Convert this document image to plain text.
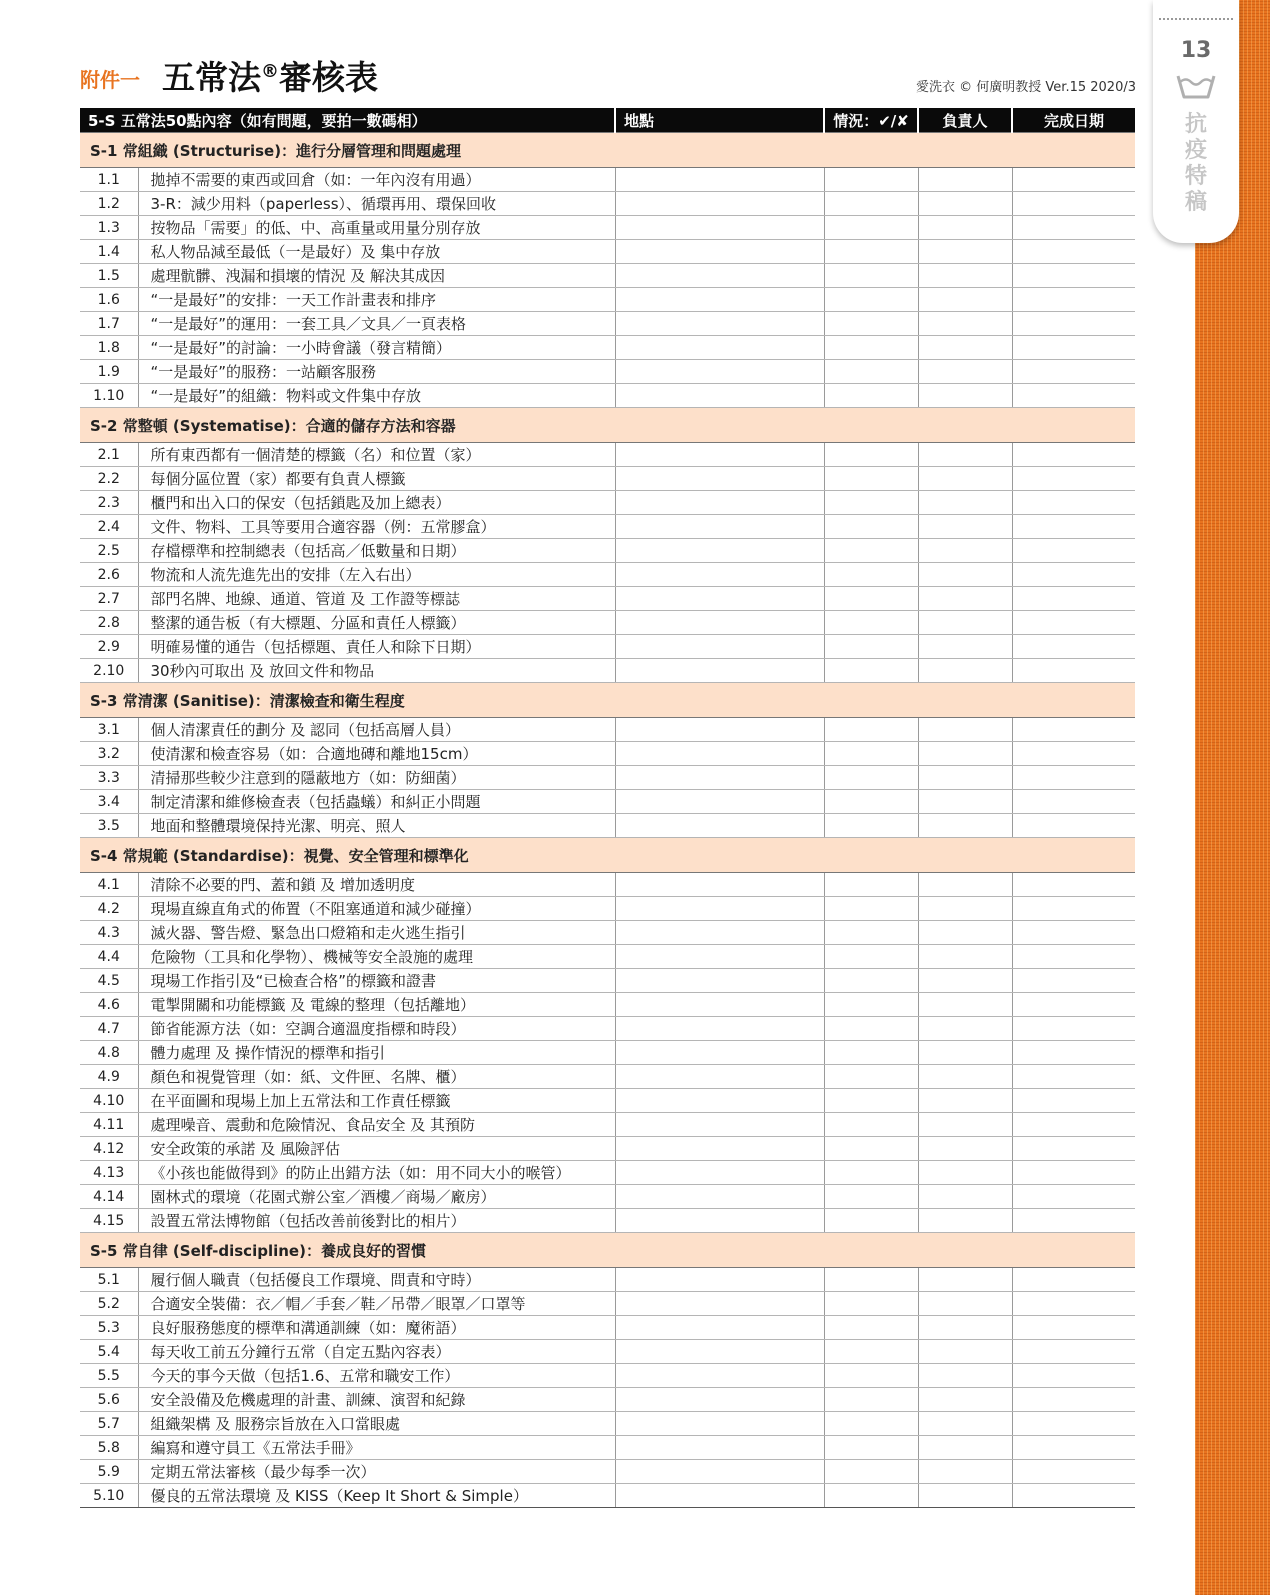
13
抗
疫
特
稿
附件一 五常法®審核表	愛洗衣 © 何廣明教授 Ver.15 2020/3
5-S 五常法50點內容（如有問題，要拍一數碼相）		地點	情況：✔/✘	負責人	完成日期
S-1 常組織 (Structurise)：進行分層管理和問題處理					
1.1	拋掉不需要的東西或回倉（如：一年內沒有用過）				
1.2	3-R：減少用料（paperless）、循環再用、環保回收				
1.3	按物品「需要」的低、中、高重量或用量分別存放				
1.4	私人物品減至最低（一是最好）及 集中存放				
1.5	處理骯髒、洩漏和損壞的情況 及 解決其成因				
1.6	“一是最好”的安排：一天工作計畫表和排序				
1.7	“一是最好”的運用：一套工具／文具／一頁表格				
1.8	“一是最好”的討論：一小時會議（發言精簡）				
1.9	“一是最好”的服務：一站顧客服務				
1.10	“一是最好”的組織：物料或文件集中存放				
S-2 常整頓 (Systematise)：合適的儲存方法和容器					
2.1	所有東西都有一個清楚的標籤（名）和位置（家）				
2.2	每個分區位置（家）都要有負責人標籤				
2.3	櫃門和出入口的保安（包括鎖匙及加上總表）				
2.4	文件、物料、工具等要用合適容器（例：五常膠盒）				
2.5	存檔標準和控制總表（包括高／低數量和日期）				
2.6	物流和人流先進先出的安排（左入右出）				
2.7	部門名牌、地線、通道、管道 及 工作證等標誌				
2.8	整潔的通告板（有大標題、分區和責任人標籤）				
2.9	明確易懂的通告（包括標題、責任人和除下日期）				
2.10	30秒內可取出 及 放回文件和物品				
S-3 常清潔 (Sanitise)：清潔檢查和衛生程度					
3.1	個人清潔責任的劃分 及 認同（包括高層人員）				
3.2	使清潔和檢查容易（如：合適地磚和離地15cm）				
3.3	清掃那些較少注意到的隱蔽地方（如：防細菌）				
3.4	制定清潔和維修檢查表（包括蟲蟻）和糾正小問題				
3.5	地面和整體環境保持光潔、明亮、照人				
S-4 常規範 (Standardise)：視覺、安全管理和標準化					
4.1	清除不必要的門、蓋和鎖 及 增加透明度				
4.2	現場直線直角式的佈置（不阻塞通道和減少碰撞）				
4.3	滅火器、警告燈、緊急出口燈箱和走火逃生指引				
4.4	危險物（工具和化學物）、機械等安全設施的處理				
4.5	現場工作指引及“已檢查合格”的標籤和證書				
4.6	電掣開關和功能標籤 及 電線的整理（包括離地）				
4.7	節省能源方法（如：空調合適溫度指標和時段）				
4.8	體力處理 及 操作情況的標準和指引				
4.9	顏色和視覺管理（如：紙、文件匣、名牌、櫃）				
4.10	在平面圖和現場上加上五常法和工作責任標籤				
4.11	處理噪音、震動和危險情況、食品安全 及 其預防				
4.12	安全政策的承諾 及 風險評估				
4.13	《小孩也能做得到》的防止出錯方法（如：用不同大小的喉管）				
4.14	園林式的環境（花園式辦公室／酒樓／商場／廠房）				
4.15	設置五常法博物館（包括改善前後對比的相片）				
S-5 常自律 (Self-discipline)：養成良好的習慣					
5.1	履行個人職責（包括優良工作環境、問責和守時）				
5.2	合適安全裝備：衣／帽／手套／鞋／吊帶／眼罩／口罩等				
5.3	良好服務態度的標準和溝通訓練（如：魔術語）				
5.4	每天收工前五分鐘行五常（自定五點內容表）				
5.5	今天的事今天做（包括1.6、五常和職安工作）				
5.6	安全設備及危機處理的計畫、訓練、演習和紀錄				
5.7	組織架構 及 服務宗旨放在入口當眼處				
5.8	編寫和遵守員工《五常法手冊》				
5.9	定期五常法審核（最少每季一次）				
5.10	優良的五常法環境 及 KISS（Keep It Short & Simple）				
